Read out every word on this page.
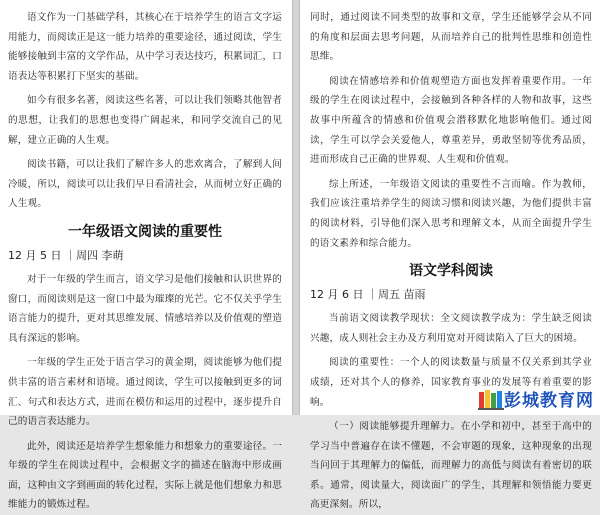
语文作为一门基础学科，其核心在于培养学生的语言文字运用能力，而阅读正是这一能力培养的重要途径，通过阅读，学生能够接触到丰富的文学作品，从中学习表达技巧，积累词汇，口语表达等积累打下坚实的基础。

如今有很多名著，阅读这些名著，可以让我们领略其他智者的思想，让我们的思想也变得广阔起来，和同学交流自己的见解，建立正确的人生观。

阅读书籍，可以让我们了解许多人的悲欢离合，了解到人间冷暖，所以，阅读可以让我们早日看清社会，从而树立好正确的人生观。

一年级语文阅读的重要性
12 月 5 日 ｜周四 李萌

对于一年级的学生而言，语文学习是他们接触和认识世界的窗口，而阅读则是这一窗口中最为璀璨的光芒。它不仅关乎学生语言能力的提升，更对其思维发展、情感培养以及价值观的塑造具有深远的影响。

一年级的学生正处于语言学习的黄金期，阅读能够为他们提供丰富的语言素材和语境。通过阅读，学生可以接触到更多的词汇、句式和表达方式，进而在模仿和运用的过程中，逐步提升自己的语言表达能力。

此外，阅读还是培养学生想象能力和想象力的重要途径。一年级的学生在阅读过程中，会根据文字的描述在脑海中形成画面，这种由文字到画面的转化过程，实际上就是他们想象力和思维能力的锻炼过程。

同时，通过阅读不同类型的故事和文章，学生还能够学会从不同的角度和层面去思考问题，从而培养自己的批判性思维和创造性思维。

阅读在情感培养和价值观塑造方面也发挥着重要作用。一年级的学生在阅读过程中，会接触到各种各样的人物和故事，这些故事中所蕴含的情感和价值观会潜移默化地影响他们。通过阅读，学生可以学会关爱他人，尊重差异，勇敢坚韧等优秀品质，进而形成自己正确的世界观、人生观和价值观。

综上所述，一年级语文阅读的重要性不言而喻。作为教师，我们应该注重培养学生的阅读习惯和阅读兴趣，为他们提供丰富的阅读材料，引导他们深入思考和理解文本，从而全面提升学生的语文素养和综合能力。

语文学科阅读
12 月 6 日 ｜周五 苗雨

当前语文阅读教学现状：全文阅读教学成为：学生缺乏阅读兴趣，成人则社会主办及方利用宽对开阅读陷入了巨大的困境。

阅读的重要性：一个人的阅读数量与质量不仅关系到其学业成绩，还对其个人的修养，国家教育事业的发展等有着重要的影响。

（一）阅读能够提升理解力。在小学和初中，甚至于高中的学习当中普遍存在读不懂题，不会审题的现象，这种现象的出现当问回于其理解力的偏低，而理解力的高低与阅读有着密切的联系。通常，阅读量大，阅读面广的学生，其理解和领悟能力要更高更深刻。所以，

彭城教育网
